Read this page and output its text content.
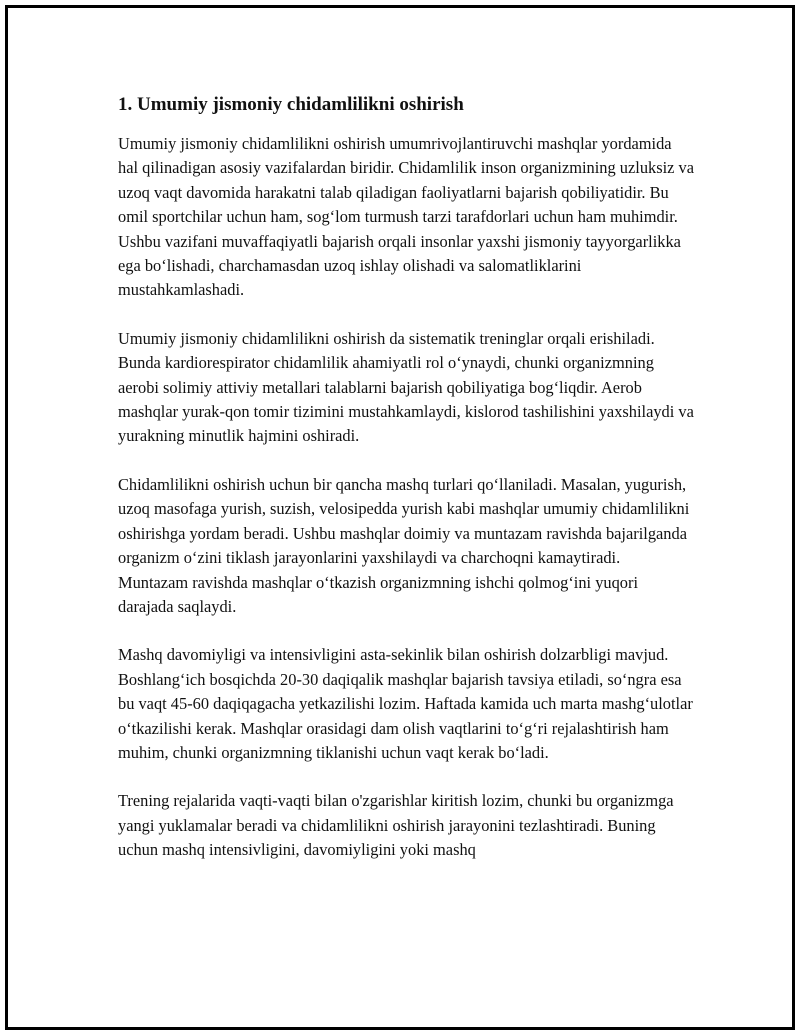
1. Umumiy jismoniy chidamlilikni oshirish

Umumiy jismoniy chidamlilikni oshirish umumrivojlantiruvchi mashqlar yordamida hal qilinadigan asosiy vazifalardan biridir. Chidamlilik inson organizmining uzluksiz va uzoq vaqt davomida harakatni talab qiladigan faoliyatlarni bajarish qobiliyatidir. Bu omil sportchilar uchun ham, sog‘lom turmush tarzi tarafdorlari uchun ham muhimdir. Ushbu vazifani muvaffaqiyatli bajarish orqali insonlar yaxshi jismoniy tayyorgarlikka ega bo‘lishadi, charchamasdan uzoq ishlay olishadi va salomatliklarini mustahkamlashadi.

Umumiy jismoniy chidamlilikni oshirish da sistematik treninglar orqali erishiladi. Bunda kardiorespirator chidamlilik ahamiyatli rol o‘ynaydi, chunki organizmning aerobi solimiy attiviy metallari talablarni bajarish qobiliyatiga bog‘liqdir. Aerob mashqlar yurak-qon tomir tizimini mustahkamlaydi, kislorod tashilishini yaxshilaydi va yurakning minutlik hajmini oshiradi.

Chidamlilikni oshirish uchun bir qancha mashq turlari qo‘llaniladi. Masalan, yugurish, uzoq masofaga yurish, suzish, velosipedda yurish kabi mashqlar umumiy chidamlilikni oshirishga yordam beradi. Ushbu mashqlar doimiy va muntazam ravishda bajarilganda organizm o‘zini tiklash jarayonlarini yaxshilaydi va charchoqni kamaytiradi. Muntazam ravishda mashqlar o‘tkazish organizmning ishchi qolmog‘ini yuqori darajada saqlaydi.

Mashq davomiyligi va intensivligini asta-sekinlik bilan oshirish dolzarbligi mavjud. Boshlang‘ich bosqichda 20-30 daqiqalik mashqlar bajarish tavsiya etiladi, so‘ngra esa bu vaqt 45-60 daqiqagacha yetkazilishi lozim. Haftada kamida uch marta mashg‘ulotlar o‘tkazilishi kerak. Mashqlar orasidagi dam olish vaqtlarini to‘g‘ri rejalashtirish ham muhim, chunki organizmning tiklanishi uchun vaqt kerak bo‘ladi.

Trening rejalarida vaqti-vaqti bilan o'zgarishlar kiritish lozim, chunki bu organizmga yangi yuklamalar beradi va chidamlilikni oshirish jarayonini tezlashtiradi. Buning uchun mashq intensivligini, davomiyligini yoki mashq
